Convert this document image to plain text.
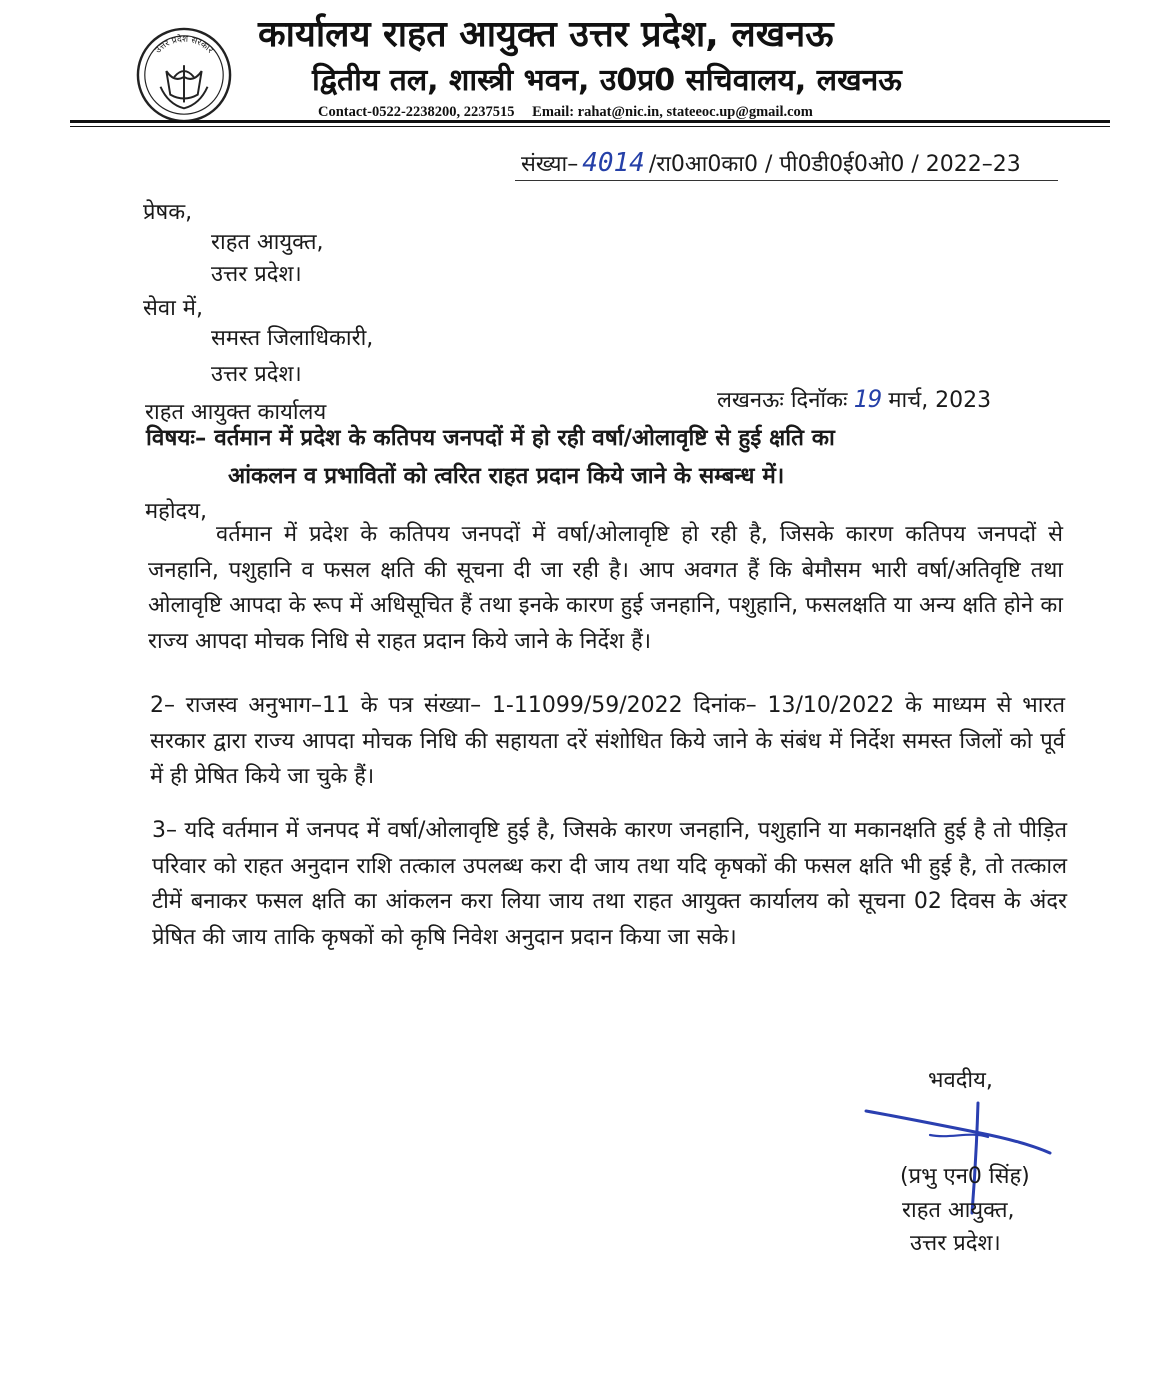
उत्तर प्रदेश सरकार कार्यालय राहत आयुक्त उत्तर प्रदेश, लखनऊ
द्वितीय तल, शास्त्री भवन, उ0प्र0 सचिवालय, लखनऊ
Contact-0522-2238200, 2237515 Email: rahat@nic.in, stateeoc.up@gmail.com
संख्या– 4014 /रा0आ0का0 / पी0डी0ई0ओ0 / 2022–23
प्रेषक,
राहत आयुक्त,
उत्तर प्रदेश।
सेवा में,
समस्त जिलाधिकारी,
उत्तर प्रदेश।
राहत आयुक्त कार्यालय	लखनऊः दिनॉकः 19 मार्च, 2023
विषयः– वर्तमान में प्रदेश के कतिपय जनपदों में हो रही वर्षा/ओलावृष्टि से हुई क्षति का
आंकलन व प्रभावितों को त्वरित राहत प्रदान किये जाने के सम्बन्ध में।
महोदय,
वर्तमान में प्रदेश के कतिपय जनपदों में वर्षा/ओलावृष्टि हो रही है, जिसके कारण कतिपय जनपदों से जनहानि, पशुहानि व फसल क्षति की सूचना दी जा रही है। आप अवगत हैं कि बेमौसम भारी वर्षा/अतिवृष्टि तथा ओलावृष्टि आपदा के रूप में अधिसूचित हैं तथा इनके कारण हुई जनहानि, पशुहानि, फसलक्षति या अन्य क्षति होने का राज्य आपदा मोचक निधि से राहत प्रदान किये जाने के निर्देश हैं।
2– राजस्व अनुभाग–11 के पत्र संख्या– 1-11099/59/2022 दिनांक– 13/10/2022 के माध्यम से भारत सरकार द्वारा राज्य आपदा मोचक निधि की सहायता दरें संशोधित किये जाने के संबंध में निर्देश समस्त जिलों को पूर्व में ही प्रेषित किये जा चुके हैं।
3– यदि वर्तमान में जनपद में वर्षा/ओलावृष्टि हुई है, जिसके कारण जनहानि, पशुहानि या मकानक्षति हुई है तो पीड़ित परिवार को राहत अनुदान राशि तत्काल उपलब्ध करा दी जाय तथा यदि कृषकों की फसल क्षति भी हुई है, तो तत्काल टीमें बनाकर फसल क्षति का आंकलन करा लिया जाय तथा राहत आयुक्त कार्यालय को सूचना 02 दिवस के अंदर प्रेषित की जाय ताकि कृषकों को कृषि निवेश अनुदान प्रदान किया जा सके।
भवदीय,
(प्रभु एन0 सिंह)
राहत आयुक्त,
उत्तर प्रदेश।
